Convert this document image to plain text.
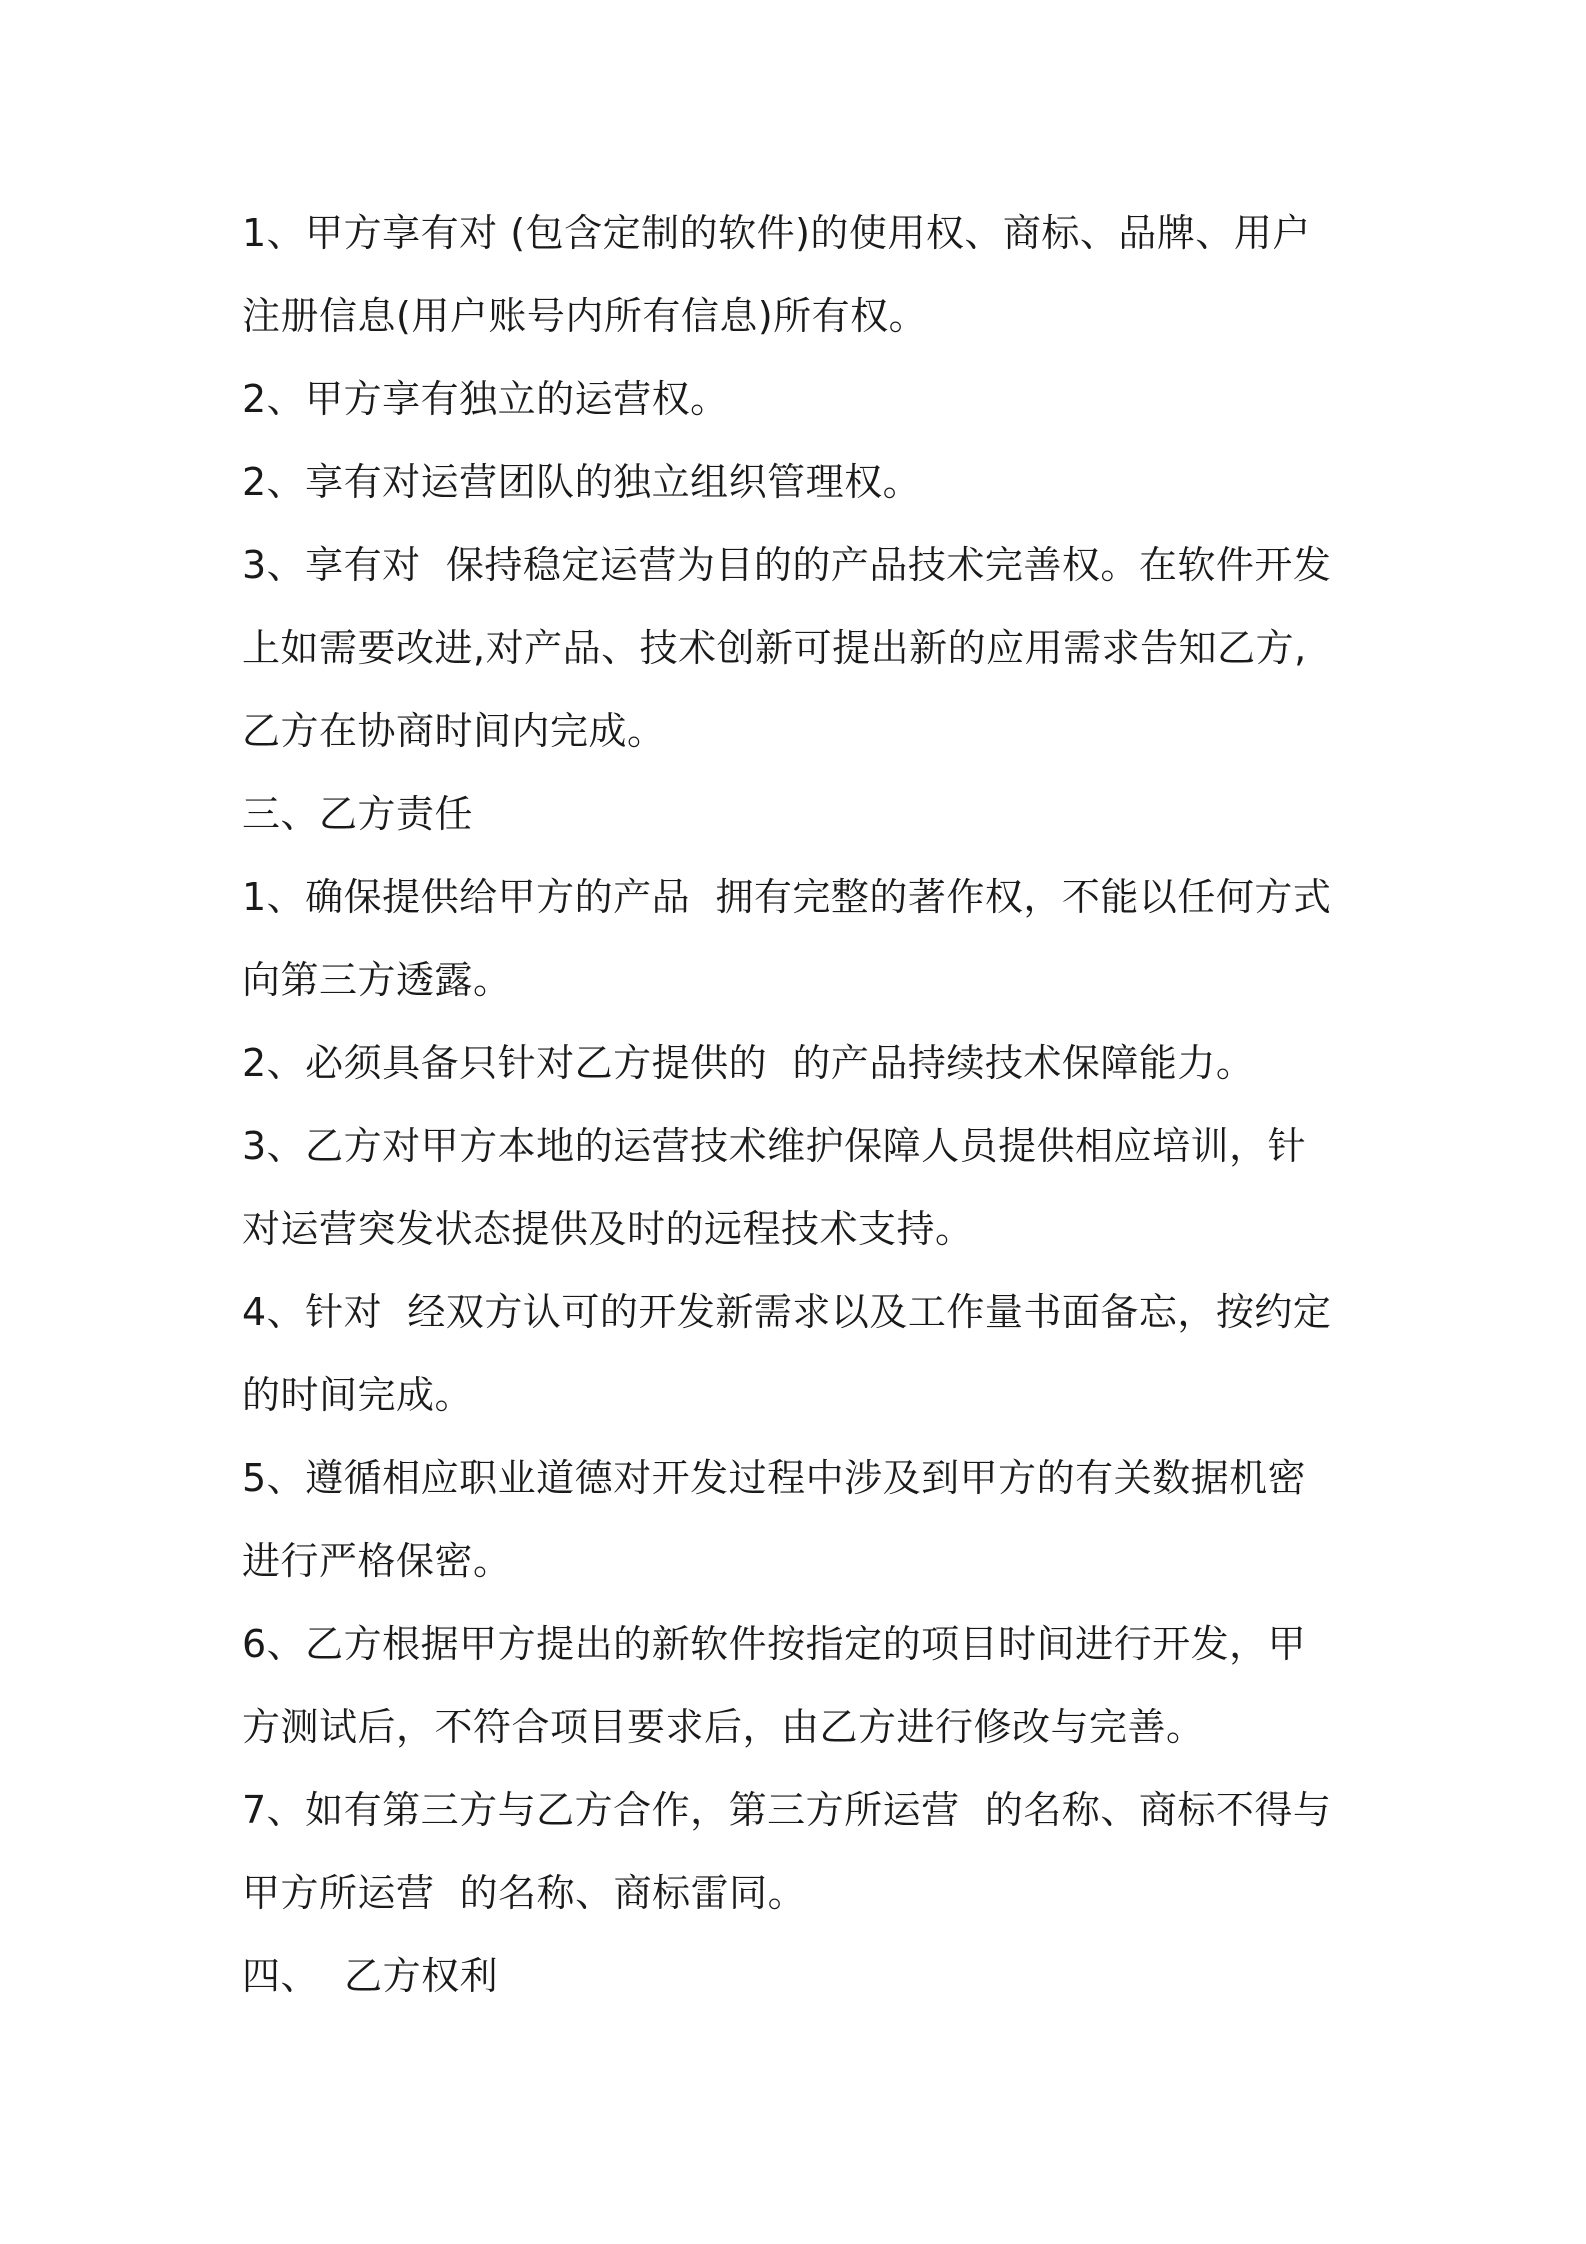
1、甲方享有对 (包含定制的软件)的使用权、商标、品牌、用户
注册信息(用户账号内所有信息)所有权。
2、甲方享有独立的运营权。
2、享有对运营团队的独立组织管理权。
3、享有对  保持稳定运营为目的的产品技术完善权。在软件开发
上如需要改进,对产品、技术创新可提出新的应用需求告知乙方,
乙方在协商时间内完成。
三、乙方责任
1、确保提供给甲方的产品  拥有完整的著作权，不能以任何方式
向第三方透露。
2、必须具备只针对乙方提供的  的产品持续技术保障能力。
3、乙方对甲方本地的运营技术维护保障人员提供相应培训，针
对运营突发状态提供及时的远程技术支持。
4、针对  经双方认可的开发新需求以及工作量书面备忘，按约定
的时间完成。
5、遵循相应职业道德对开发过程中涉及到甲方的有关数据机密
进行严格保密。
6、乙方根据甲方提出的新软件按指定的项目时间进行开发，甲
方测试后，不符合项目要求后，由乙方进行修改与完善。
7、如有第三方与乙方合作，第三方所运营  的名称、商标不得与
甲方所运营  的名称、商标雷同。
四、  乙方权利
